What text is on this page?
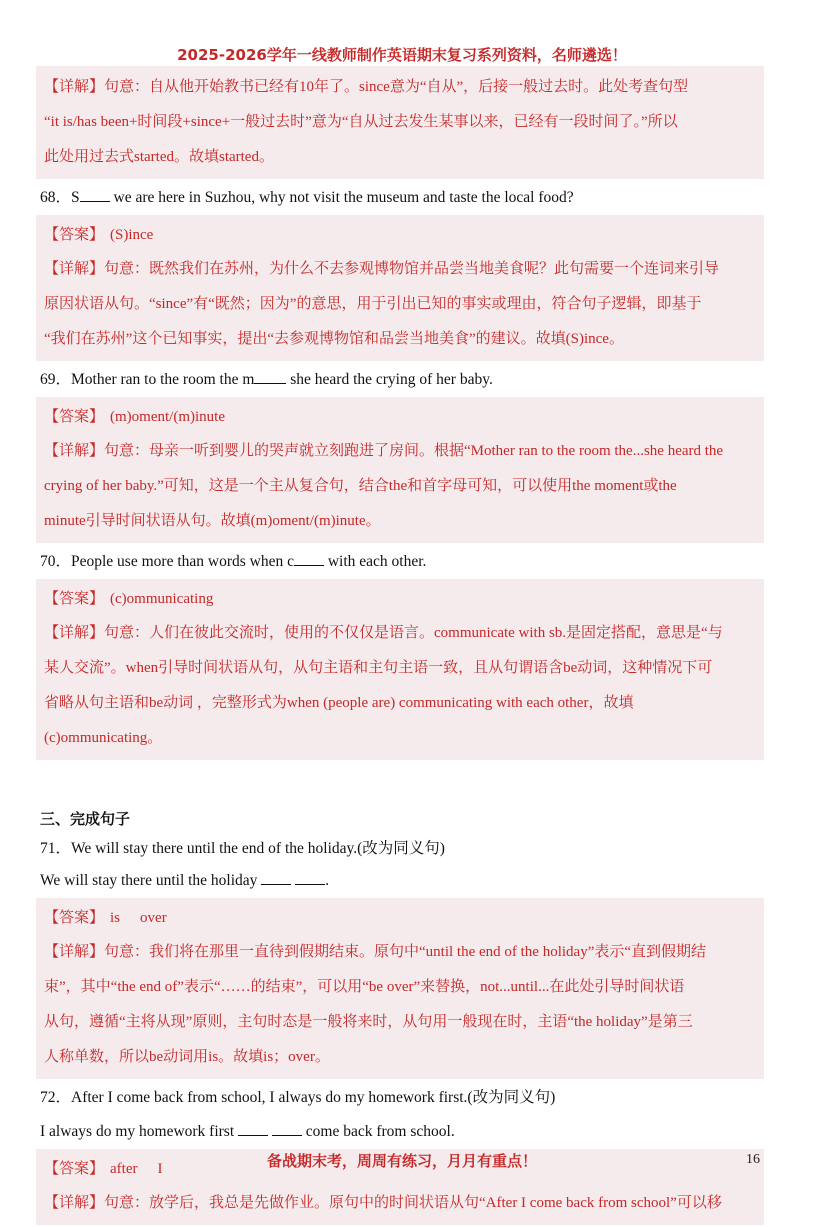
2025-2026学年一线教师制作英语期末复习系列资料，名师遴选！

【详解】句意：自从他开始教书已经有10年了。since意为“自从”，后接一般过去时。此处考查句型

“it is/has been+时间段+since+一般过去时”意为“自从过去发生某事以来，已经有一段时间了。”所以

此处用过去式started。故填started。

68．S we are here in Suzhou, why not visit the museum and taste the local food?

【答案】 (S)ince

【详解】句意：既然我们在苏州，为什么不去参观博物馆并品尝当地美食呢？此句需要一个连词来引导

原因状语从句。“since”有“既然；因为”的意思，用于引出已知的事实或理由，符合句子逻辑，即基于

“我们在苏州”这个已知事实，提出“去参观博物馆和品尝当地美食”的建议。故填(S)ince。

69．Mother ran to the room the m she heard the crying of her baby.

【答案】 (m)oment/(m)inute

【详解】句意：母亲一听到婴儿的哭声就立刻跑进了房间。根据“Mother ran to the room the...she heard the

crying of her baby.”可知，这是一个主从复合句，结合the和首字母可知，可以使用the moment或the

minute引导时间状语从句。故填(m)oment/(m)inute。

70．People use more than words when c with each other.

【答案】 (c)ommunicating

【详解】句意：人们在彼此交流时，使用的不仅仅是语言。communicate with sb.是固定搭配，意思是“与

某人交流”。when引导时间状语从句，从句主语和主句主语一致，且从句谓语含be动词，这种情况下可

省略从句主语和be动词 ，完整形式为when (people are) communicating with each other，故填

(c)ommunicating。

三、完成句子

71．We will stay there until the end of the holiday.(改为同义句)

We will stay there until the holiday	.

【答案】 is over

【详解】句意：我们将在那里一直待到假期结束。原句中“until the end of the holiday”表示“直到假期结

束”，其中“the end of”表示“……的结束”，可以用“be over”来替换，not...until...在此处引导时间状语

从句，遵循“主将从现”原则，主句时态是一般将来时，从句用一般现在时，主语“the holiday”是第三

人称单数，所以be动词用is。故填is；over。

72．After I come back from school, I always do my homework first.(改为同义句)

I always do my homework first	come back from school.

【答案】 after I

【详解】句意：放学后，我总是先做作业。原句中的时间状语从句“After I come back from school”可以移

备战期末考，周周有练习，月月有重点！	16
